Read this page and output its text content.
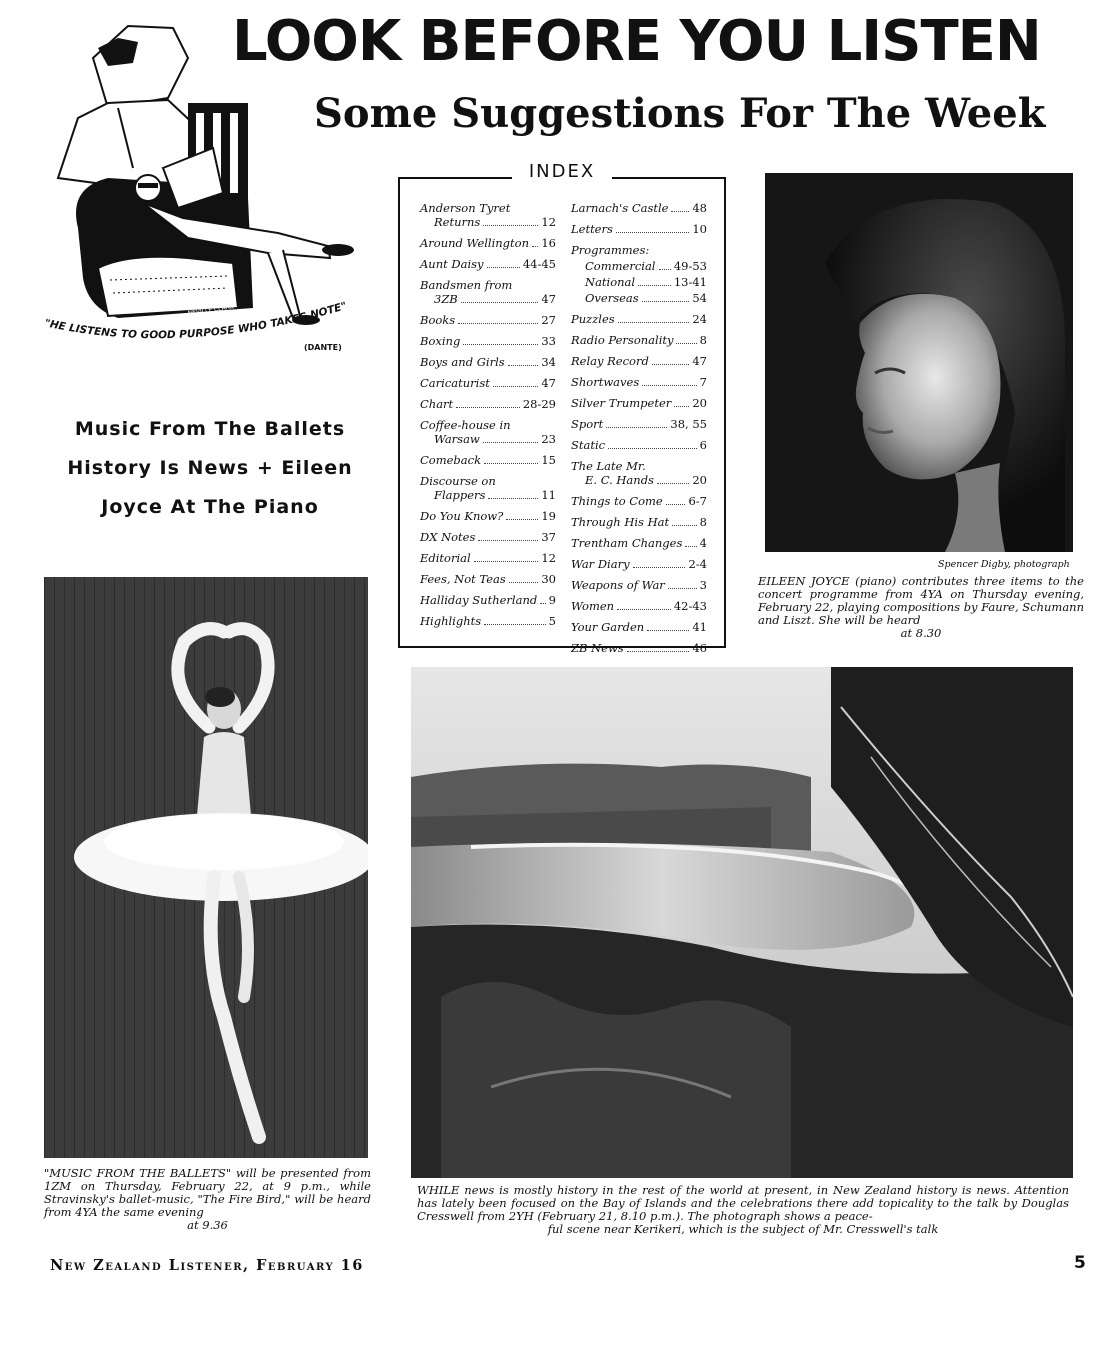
LOOK BEFORE YOU LISTEN
Some Suggestions For The Week
NEVILLE CLARK
"HE LISTENS TO GOOD PURPOSE WHO TAKES NOTE"
(DANTE)
Music From The Ballets
History Is News + Eileen
Joyce At The Piano
INDEX
Anderson Tyret
Returns	12
Around Wellington 16
Aunt Daisy	44-45
Bandsmen from
3ZB	47
Books	27
Boxing	33
Boys and Girls	34
Caricaturist	47
Chart	28-29
Coffee-house in
Warsaw	23
Comeback	15
Discourse on
Flappers	11
Do You Know?	19
DX Notes	37
Editorial	12
Fees, Not Teas	30
Halliday Sutherland 9
Highlights	5
Larnach's Castle 48
Letters	10
Programmes:
Commercial 49-53
National	13-41
Overseas	54
Puzzles	24
Radio Personality 8
Relay Record	47
Shortwaves	7
Silver Trumpeter 20
Sport	38, 55
Static	6
The Late Mr.
E. C. Hands	20
Things to Come 6-7
Through His Hat	8
Trentham Changes 4
War Diary	2-4
Weapons of War	3
Women	42-43
Your Garden	41
ZB News	46
Spencer Digby, photograph
EILEEN JOYCE (piano) contributes three items to the concert programme from 4YA on Thursday evening, February 22, playing compositions by Faure, Schumann and Liszt. She will be heard
at 8.30
"MUSIC FROM THE BALLETS" will be presented from 1ZM on Thursday, February 22, at 9 p.m., while Stravinsky's ballet-music, "The Fire Bird," will be heard from 4YA the same evening
at 9.36
WHILE news is mostly history in the rest of the world at present, in New Zealand history is news. Attention has lately been focused on the Bay of Islands and the celebrations there add topicality to the talk by Douglas Cresswell from 2YH (February 21, 8.10 p.m.). The photograph shows a peace-
ful scene near Kerikeri, which is the subject of Mr. Cresswell's talk
New Zealand Listener, February 16	5
